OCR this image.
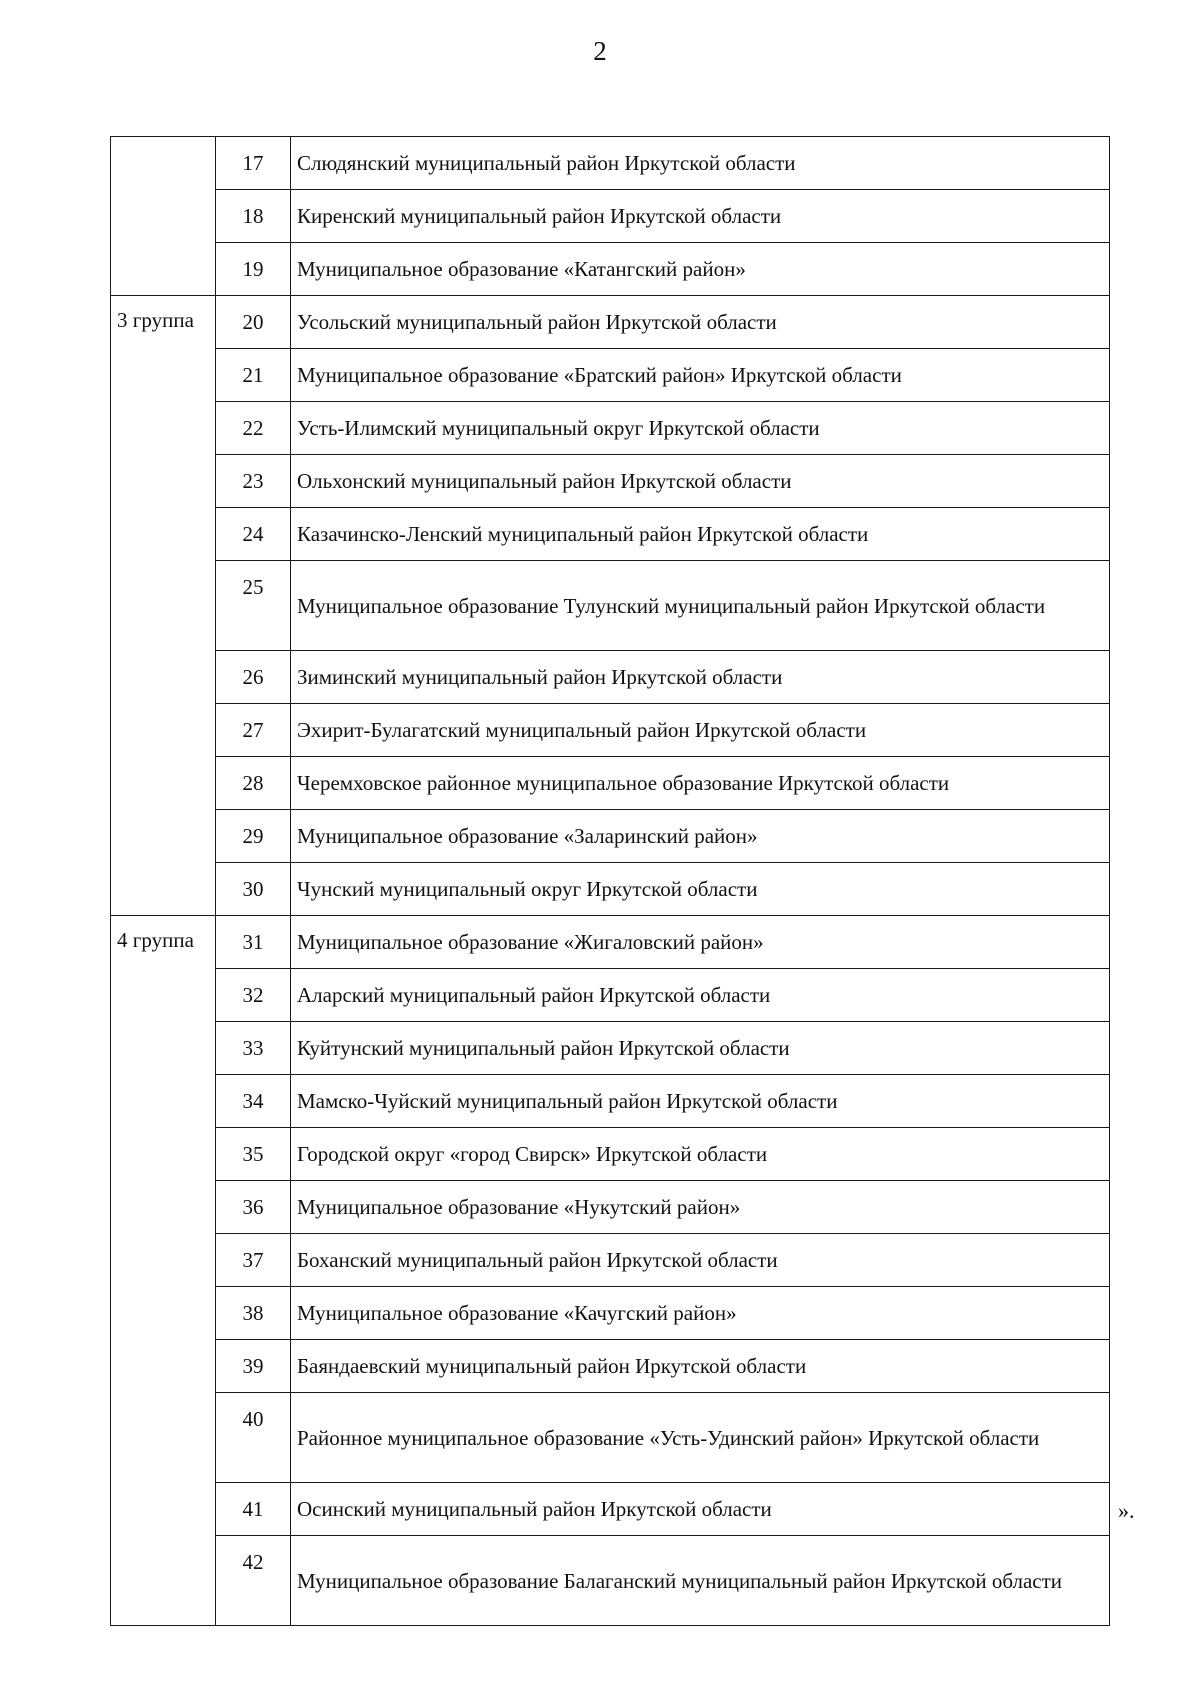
2
	17	Слюдянский муниципальный район Иркутской области
	18	Киренский муниципальный район Иркутской области
	19	Муниципальное образование «Катангский район»

3 группа	20	Усольский муниципальный район Иркутской области
	21	Муниципальное образование «Братский район» Иркутской области
	22	Усть-Илимский муниципальный округ Иркутской области
	23	Ольхонский муниципальный район Иркутской области
	24	Казачинско-Ленский муниципальный район Иркутской области
	25	Муниципальное образование Тулунский муниципальный район Иркутской области
	26	Зиминский муниципальный район Иркутской области
	27	Эхирит-Булагатский муниципальный район Иркутской области
	28	Черемховское районное муниципальное образование Иркутской области
	29	Муниципальное образование «Заларинский район»
	30	Чунский муниципальный округ Иркутской области

4 группа	31	Муниципальное образование «Жигаловский район»
	32	Аларский муниципальный район Иркутской области
	33	Куйтунский муниципальный район Иркутской области
	34	Мамско-Чуйский муниципальный район Иркутской области
	35	Городской округ «город Свирск» Иркутской области
	36	Муниципальное образование «Нукутский район»
	37	Боханский муниципальный район Иркутской области
	38	Муниципальное образование «Качугский район»
	39	Баяндаевский муниципальный район Иркутской области
	40	Районное муниципальное образование «Усть-Удинский район» Иркутской области
	41	Осинский муниципальный район Иркутской области
	42	Муниципальное образование Балаганский муниципальный район Иркутской области
».
